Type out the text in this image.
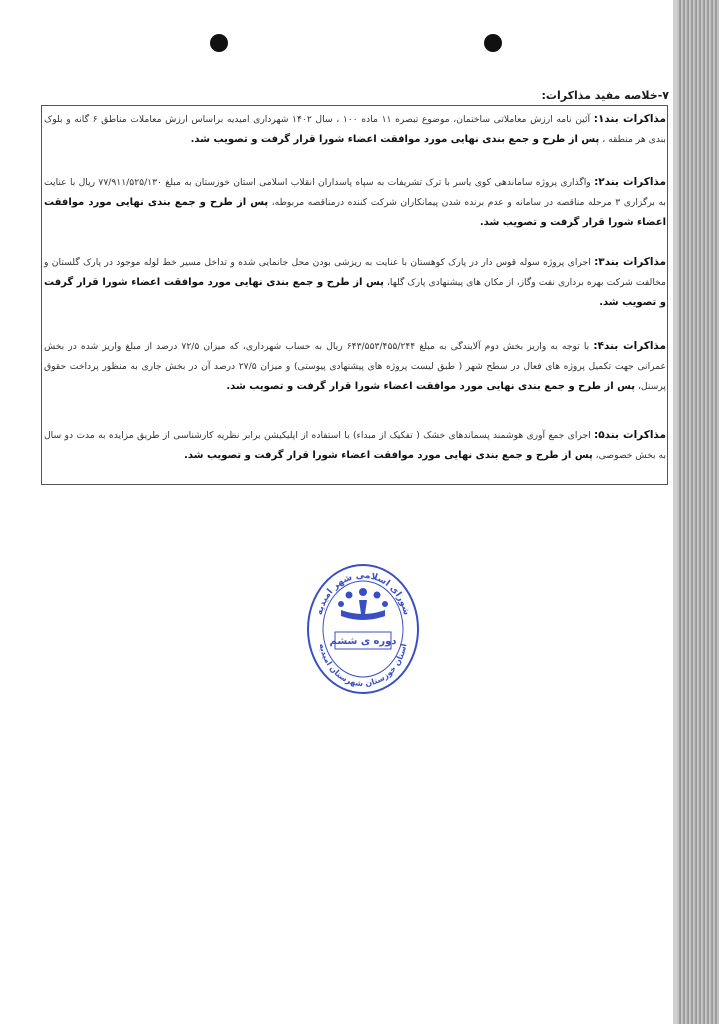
۷-خلاصه مفید مذاکرات:
مذاکرات بند۱: آئین نامه ارزش معاملاتی ساختمان، موضوع تبصره ۱۱ ماده ۱۰۰ ، سال ۱۴۰۲ شهرداری امیدیه براساس ارزش معاملات مناطق ۶ گانه و بلوک بندی هر منطقه ، پس از طرح و جمع بندی نهایی مورد موافقت اعضاء شورا قرار گرفت و تصویب شد.
مذاکرات بند۲: واگذاری پروژه ساماندهی کوی یاسر با ترک تشریفات به سپاه پاسداران انقلاب اسلامی استان خوزستان به مبلغ ۷۷/۹۱۱/۵۲۵/۱۳۰ ریال با عنایت به برگزاری ۳ مرحله مناقصه در سامانه و عدم برنده شدن پیمانکاران شرکت کننده درمناقصه مربوطه، پس از طرح و جمع بندی نهایی مورد موافقت اعضاء شورا قرار گرفت و تصویب شد.
مذاکرات بند۳: اجرای پروژه سوله قوس دار در پارک کوهستان با عنایت به ریزشی بودن محل جانمایی شده و تداخل مسیر خط لوله موجود در پارک گلستان و مخالفت شرکت بهره برداری نفت وگاز، از مکان های پیشنهادی پارک گلها، پس از طرح و جمع بندی نهایی مورد موافقت اعضاء شورا قرار گرفت و تصویب شد.
مذاکرات بند۴: با توجه به واریز بخش دوم آلایندگی به مبلغ ۶۴۳/۵۵۳/۴۵۵/۲۴۴ ریال به حساب شهرداری، که میزان ۷۲/۵ درصد از مبلغ واریز شده در بخش عمرانی جهت تکمیل پروژه های فعال در سطح شهر ( طبق لیست پروژه های پیشنهادی پیوستی) و میزان ۲۷/۵ درصد آن در بخش جاری به منظور پرداخت حقوق پرسنل، پس از طرح و جمع بندی نهایی مورد موافقت اعضاء شورا قرار گرفت و تصویب شد.
مذاکرات بند۵: اجرای جمع آوری هوشمند پسماندهای خشک ( تفکیک از مبداء) با استفاده از اپلیکیشن برابر نظریه کارشناسی از طریق مزایده به مدت دو سال به بخش خصوصی، پس از طرح و جمع بندی نهایی مورد موافقت اعضاء شورا قرار گرفت و تصویب شد.
شورای اسلامی شهر امیدیه
استان خوزستان شهرستان امیدیه
دوره ی ششم
